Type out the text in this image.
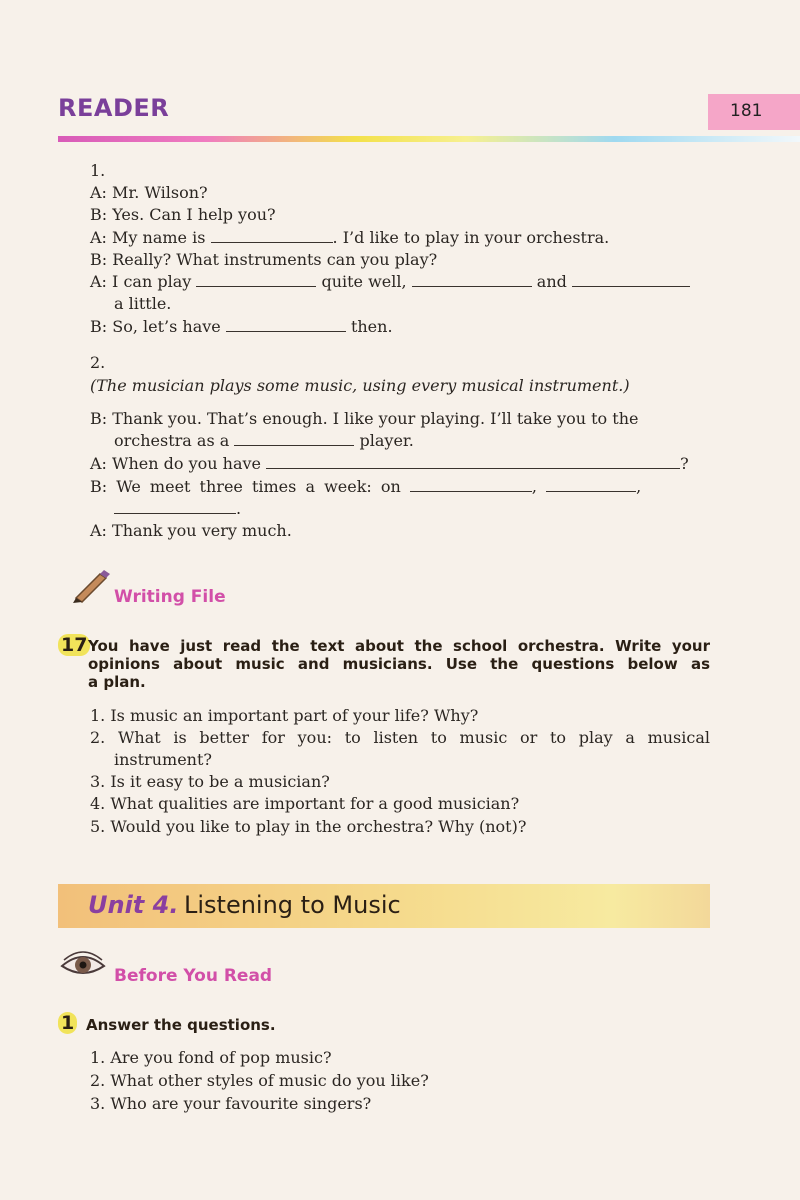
READER	181
1.
A: Mr. Wilson?
B: Yes. Can I help you?
A: My name is	. I’d like to play in your orchestra.
B: Really? What instruments can you play?
A: I can play	quite well,	and
a little.
B: So, let’s have	then.
2.
(The musician plays some music, using every musical instrument.)
B: Thank you. That’s enough. I like your playing. I’ll take you to the
orchestra as a	player.
A: When do you have	?
B: We meet three times a week: on	,	,
.
A: Thank you very much.
Writing File
17 You have just read the text about the school orchestra. Write your
opinions about music and musicians. Use the questions below as
a plan.
1. Is music an important part of your life? Why?
2. What is better for you: to listen to music or to play a musical
instrument?
3. Is it easy to be a musician?
4. What qualities are important for a good musician?
5. Would you like to play in the orchestra? Why (not)?
Unit 4. Listening to Music
Before You Read
1 Answer the questions.
1. Are you fond of pop music?
2. What other styles of music do you like?
3. Who are your favourite singers?
